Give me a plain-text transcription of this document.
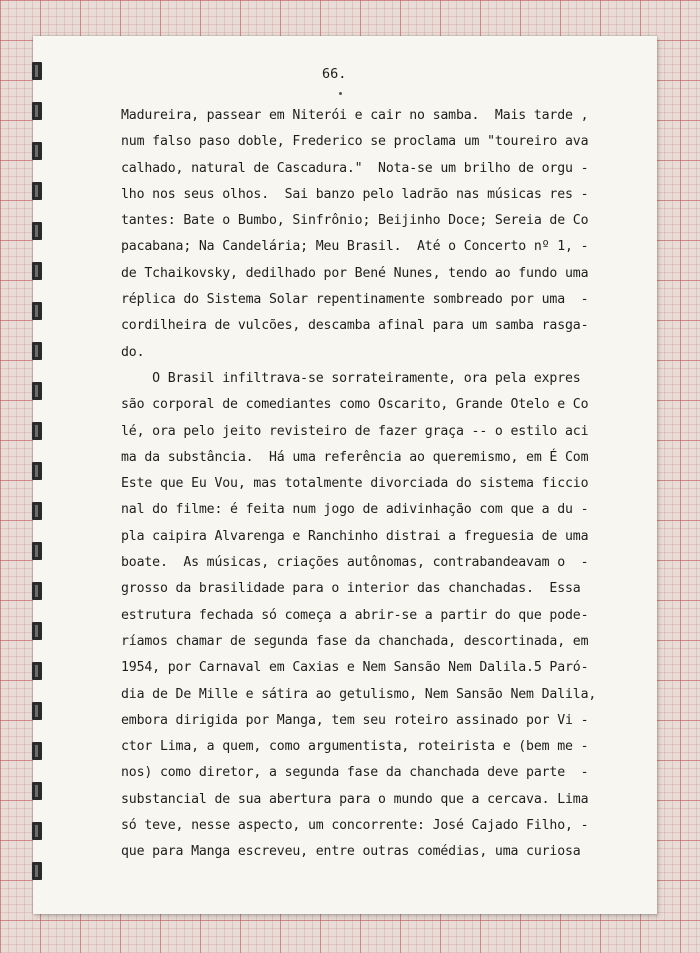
66.
Madureira, passear em Niterói e cair no samba.  Mais tarde ,
num falso paso doble, Frederico se proclama um "toureiro ava
calhado, natural de Cascadura."  Nota-se um brilho de orgu -
lho nos seus olhos.  Sai banzo pelo ladrão nas músicas res -
tantes: Bate o Bumbo, Sinfrônio; Beijinho Doce; Sereia de Co
pacabana; Na Candelária; Meu Brasil.  Até o Concerto nº 1, -
de Tchaikovsky, dedilhado por Bené Nunes, tendo ao fundo uma
réplica do Sistema Solar repentinamente sombreado por uma  -
cordilheira de vulcões, descamba afinal para um samba rasga-
do.
O Brasil infiltrava-se sorrateiramente, ora pela expres
são corporal de comediantes como Oscarito, Grande Otelo e Co
lé, ora pelo jeito revisteiro de fazer graça -- o estilo aci
ma da substância.  Há uma referência ao queremismo, em É Com
Este que Eu Vou, mas totalmente divorciada do sistema ficcio
nal do filme: é feita num jogo de adivinhação com que a du -
pla caipira Alvarenga e Ranchinho distrai a freguesia de uma
boate.  As músicas, criações autônomas, contrabandeavam o  -
grosso da brasilidade para o interior das chanchadas.  Essa
estrutura fechada só começa a abrir-se a partir do que pode-
ríamos chamar de segunda fase da chanchada, descortinada, em
1954, por Carnaval em Caxias e Nem Sansão Nem Dalila.5 Paró-
dia de De Mille e sátira ao getulismo, Nem Sansão Nem Dalila,
embora dirigida por Manga, tem seu roteiro assinado por Vi -
ctor Lima, a quem, como argumentista, roteirista e (bem me -
nos) como diretor, a segunda fase da chanchada deve parte  -
substancial de sua abertura para o mundo que a cercava. Lima
só teve, nesse aspecto, um concorrente: José Cajado Filho, -
que para Manga escreveu, entre outras comédias, uma curiosa
